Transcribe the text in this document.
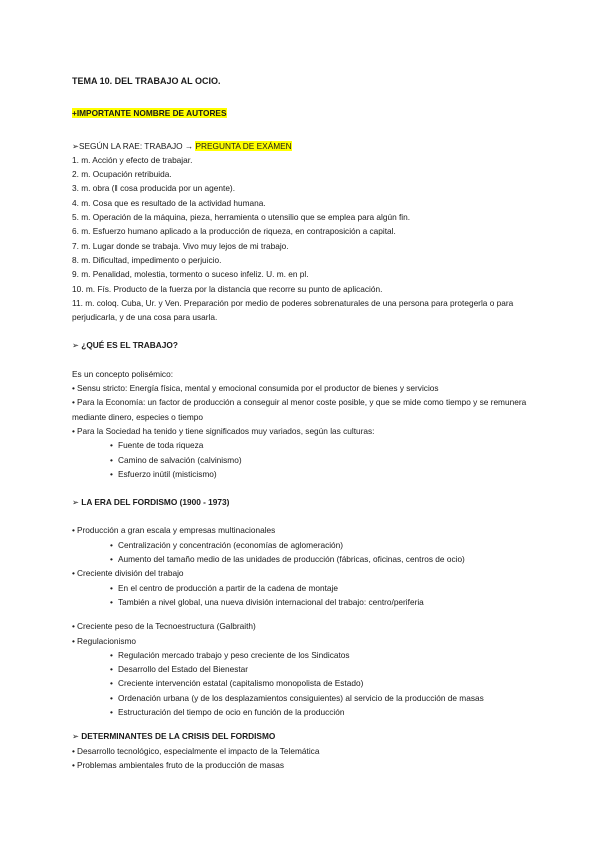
TEMA 10. DEL TRABAJO AL OCIO.
+IMPORTANTE NOMBRE DE AUTORES
➢SEGÚN LA RAE: TRABAJO → PREGUNTA DE EXÁMEN
1. m. Acción y efecto de trabajar.
2. m. Ocupación retribuida.
3. m. obra (ǁ cosa producida por un agente).
4. m. Cosa que es resultado de la actividad humana.
5. m. Operación de la máquina, pieza, herramienta o utensilio que se emplea para algún fin.
6. m. Esfuerzo humano aplicado a la producción de riqueza, en contraposición a capital.
7. m. Lugar donde se trabaja. Vivo muy lejos de mi trabajo.
8. m. Dificultad, impedimento o perjuicio.
9. m. Penalidad, molestia, tormento o suceso infeliz. U. m. en pl.
10. m. Fís. Producto de la fuerza por la distancia que recorre su punto de aplicación.
11. m. coloq. Cuba, Ur. y Ven. Preparación por medio de poderes sobrenaturales de una persona para protegerla o para perjudicarla, y de una cosa para usarla.
➢ ¿QUÉ ES EL TRABAJO?
Es un concepto polisémico:
• Sensu stricto: Energía física, mental y emocional consumida por el productor de bienes y servicios
• Para la Economía: un factor de producción a conseguir al menor coste posible, y que se mide como tiempo y se remunera mediante dinero, especies o tiempo
• Para la Sociedad ha tenido y tiene significados muy variados, según las culturas:
• Fuente de toda riqueza
• Camino de salvación (calvinismo)
• Esfuerzo inútil (misticismo)
➢ LA ERA DEL FORDISMO (1900 - 1973)
• Producción a gran escala y empresas multinacionales
• Centralización y concentración (economías de aglomeración)
• Aumento del tamaño medio de las unidades de producción (fábricas, oficinas, centros de ocio)
• Creciente división del trabajo
• En el centro de producción a partir de la cadena de montaje
• También a nivel global, una nueva división internacional del trabajo: centro/periferia
• Creciente peso de la Tecnoestructura (Galbraith)
• Regulacionismo
• Regulación mercado trabajo y peso creciente de los Sindicatos
• Desarrollo del Estado del Bienestar
• Creciente intervención estatal (capitalismo monopolista de Estado)
• Ordenación urbana (y de los desplazamientos consiguientes) al servicio de la producción de masas
• Estructuración del tiempo de ocio en función de la producción
➢ DETERMINANTES DE LA CRISIS DEL FORDISMO
• Desarrollo tecnológico, especialmente el impacto de la Telemática
• Problemas ambientales fruto de la producción de masas
